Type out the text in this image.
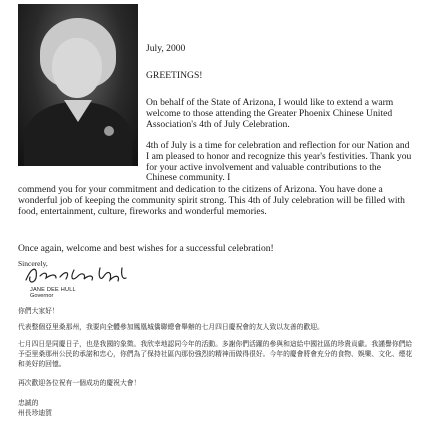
July, 2000

GREETINGS!

On behalf of the State of Arizona, I would like to extend a warm welcome to those attending the Greater Phoenix Chinese United Association's 4th of July Celebration.

4th of July is a time for celebration and reflection for our Nation and I am pleased to honor and recognize this year's festivities. Thank you for your active involvement and valuable contributions to the Chinese community. I

commend you for your commitment and dedication to the citizens of Arizona. You have done a wonderful job of keeping the community spirit strong. This 4th of July celebration will be filled with food, entertainment, culture, fireworks and wonderful memories.

Once again, welcome and best wishes for a successful celebration!

Sincerely,
JANE DEE HULL
Governor

你們大家好！

代表整個亞里桑那州，我要向全體參加鳳凰城僑聯總會舉辦的七月四日慶祝會的友人致以友善的歡迎。

七月四日是同慶日子，也是我國的象徵。我欣幸地認同今年的活動。多謝你們活躍的參與和這給中國社區的珍貴貢獻。我謹譽你們給予亞里桑那州公民的承諾和忠心，你們為了保持社區內那份強烈的精神而做得很好。今年的慶會將會充分的食物、娛樂、文化、煙花和美好的回憶。

再次歡迎各位祝有一個成功的慶祝大會！

忠誠的

州長珍迪賀
